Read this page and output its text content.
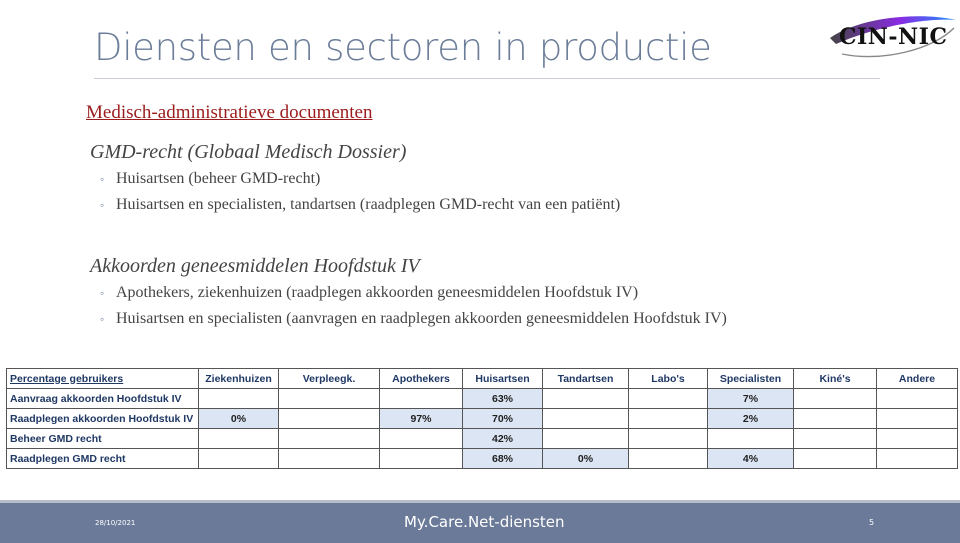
Diensten en sectoren in productie	CIN-NIC
Medisch-administratieve documenten
GMD-recht (Globaal Medisch Dossier)
◦ Huisartsen (beheer GMD-recht)
◦ Huisartsen en specialisten, tandartsen (raadplegen GMD-recht van een patiënt)
Akkoorden geneesmiddelen Hoofdstuk IV
◦ Apothekers, ziekenhuizen (raadplegen akkoorden geneesmiddelen Hoofdstuk IV)
◦ Huisartsen en specialisten (aanvragen en raadplegen akkoorden geneesmiddelen Hoofdstuk IV)
Percentage gebruikers	Ziekenhuizen	Verpleegk.	Apothekers	Huisartsen	Tandartsen	Labo's	Specialisten	Kiné's	Andere
Aanvraag akkoorden Hoofdstuk IV				63%			7%		
Raadplegen akkoorden Hoofdstuk IV	0%		97%	70%			2%		
Beheer GMD recht				42%					
Raadplegen GMD recht				68%	0%		4%		
28/10/2021	My.Care.Net-diensten	5
